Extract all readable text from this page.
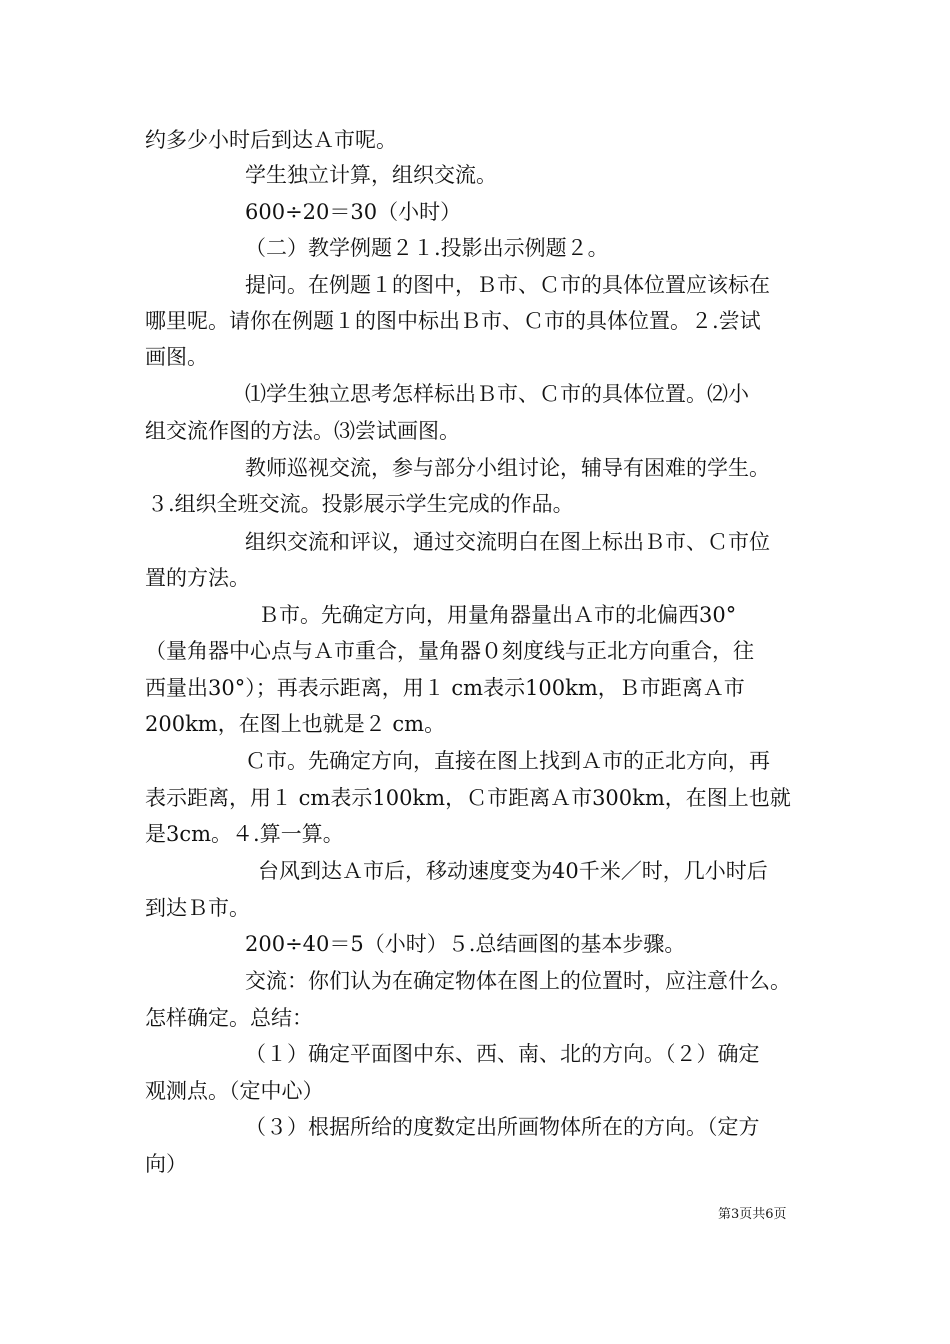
约多少小时后到达Ａ市呢。
学生独立计算，组织交流。
600÷20＝30（小时）
（二）教学例题２１.投影出示例题２。
提问。在例题１的图中，Ｂ市、Ｃ市的具体位置应该标在
哪里呢。请你在例题１的图中标出Ｂ市、Ｃ市的具体位置。２.尝试
画图。
⑴学生独立思考怎样标出Ｂ市、Ｃ市的具体位置。⑵小
组交流作图的方法。⑶尝试画图。
教师巡视交流，参与部分小组讨论，辅导有困难的学生。
３.组织全班交流。投影展示学生完成的作品。
组织交流和评议，通过交流明白在图上标出Ｂ市、Ｃ市位
置的方法。
Ｂ市。先确定方向，用量角器量出Ａ市的北偏西30°
（量角器中心点与Ａ市重合，量角器０刻度线与正北方向重合，往
西量出30°）；再表示距离，用１ cm表示100km，Ｂ市距离Ａ市
200km，在图上也就是２ cm。
Ｃ市。先确定方向，直接在图上找到Ａ市的正北方向，再
表示距离，用１ cm表示100km，Ｃ市距离Ａ市300km，在图上也就
是3cm。４.算一算。
台风到达Ａ市后，移动速度变为40千米／时，几小时后
到达Ｂ市。
200÷40＝5（小时）５.总结画图的基本步骤。
交流：你们认为在确定物体在图上的位置时，应注意什么。
怎样确定。总结：
（１）确定平面图中东、西、南、北的方向。（２）确定
观测点。（定中心）
（３）根据所给的度数定出所画物体所在的方向。（定方
向）
第3页共6页
